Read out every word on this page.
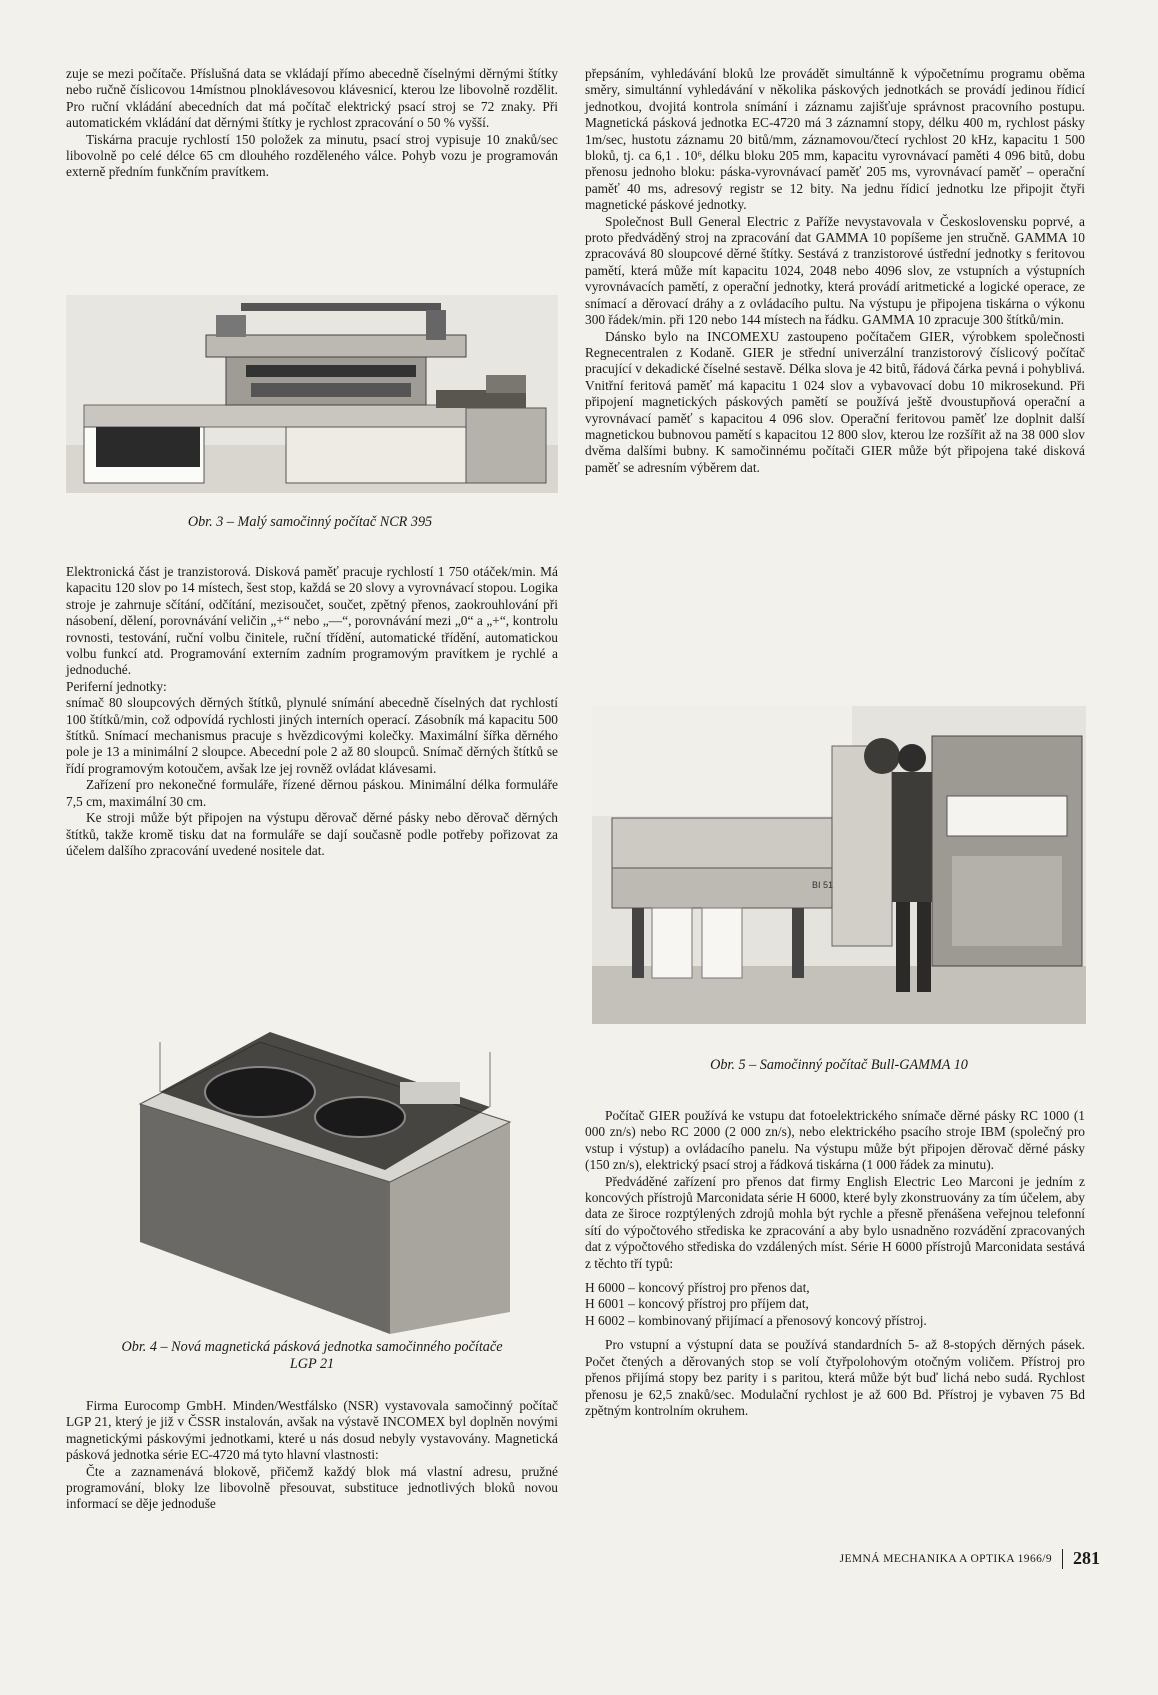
zuje se mezi počítače. Příslušná data se vkládají přímo abecedně číselnými děrnými štítky nebo ručně číslicovou 14místnou plnoklávesovou klávesnicí, kterou lze libovolně rozdělit. Pro ruční vkládání abecedních dat má počítač elektrický psací stroj se 72 znaky. Při automatickém vkládání dat děrnými štítky je rychlost zpracování o 50 % vyšší.

Tiskárna pracuje rychlostí 150 položek za minutu, psací stroj vypisuje 10 znaků/sec libovolně po celé délce 65 cm dlouhého rozděleného válce. Pohyb vozu je programován externě předním funkčním pravítkem.

Obr. 3 – Malý samočinný počítač NCR 395

Elektronická část je tranzistorová. Disková paměť pracuje rychlostí 1 750 otáček/min. Má kapacitu 120 slov po 14 místech, šest stop, každá se 20 slovy a vyrovnávací stopou. Logika stroje je zahrnuje sčítání, odčítání, mezisoučet, součet, zpětný přenos, zaokrouhlování při násobení, dělení, porovnávání veličin „+“ nebo „—“, porovnávání mezi „0“ a „+“, kontrolu rovnosti, testování, ruční volbu činitele, ruční třídění, automatické třídění, automatickou volbu funkcí atd. Programování externím zadním programovým pravítkem je rychlé a jednoduché.

Periferní jednotky:

snímač 80 sloupcových děrných štítků, plynulé snímání abecedně číselných dat rychlostí 100 štítků/min, což odpovídá rychlosti jiných interních operací. Zásobník má kapacitu 500 štítků. Snímací mechanismus pracuje s hvězdicovými kolečky. Maximální šířka děrného pole je 13 a minimální 2 sloupce. Abecední pole 2 až 80 sloupců. Snímač děrných štítků se řídí programovým kotoučem, avšak lze jej rovněž ovládat klávesami.

Zařízení pro nekonečné formuláře, řízené děrnou páskou. Minimální délka formuláře 7,5 cm, maximální 30 cm.

Ke stroji může být připojen na výstupu děrovač děrné pásky nebo děrovač děrných štítků, takže kromě tisku dat na formuláře se dají současně podle potřeby pořizovat za účelem dalšího zpracování uvedené nositele dat.

Obr. 4 – Nová magnetická pásková jednotka samočinného počítače
LGP 21

Firma Eurocomp GmbH. Minden/Westfálsko (NSR) vystavovala samočinný počítač LGP 21, který je již v ČSSR instalován, avšak na výstavě INCOMEX byl doplněn novými magnetickými páskovými jednotkami, které u nás dosud nebyly vystavovány. Magnetická pásková jednotka série EC-4720 má tyto hlavní vlastnosti:

Čte a zaznamenává blokově, přičemž každý blok má vlastní adresu, pružné programování, bloky lze libovolně přesouvat, substituce jednotlivých bloků novou informací se děje jednoduše

přepsáním, vyhledávání bloků lze provádět simultánně k výpočetnímu programu oběma směry, simultánní vyhledávání v několika páskových jednotkách se provádí jedinou řídicí jednotkou, dvojitá kontrola snímání i záznamu zajišťuje správnost pracovního postupu. Magnetická pásková jednotka EC-4720 má 3 záznamní stopy, délku 400 m, rychlost pásky 1m/sec, hustotu záznamu 20 bitů/mm, záznamovou/čtecí rychlost 20 kHz, kapacitu 1 500 bloků, tj. ca 6,1 . 10⁶, délku bloku 205 mm, kapacitu vyrovnávací paměti 4 096 bitů, dobu přenosu jednoho bloku: páska-vyrovnávací paměť 205 ms, vyrovnávací paměť – operační paměť 40 ms, adresový registr se 12 bity. Na jednu řídicí jednotku lze připojit čtyři magnetické páskové jednotky.

Společnost Bull General Electric z Paříže nevystavovala v Československu poprvé, a proto předváděný stroj na zpracování dat GAMMA 10 popíšeme jen stručně. GAMMA 10 zpracovává 80 sloupcové děrné štítky. Sestává z tranzistorové ústřední jednotky s feritovou pamětí, která může mít kapacitu 1024, 2048 nebo 4096 slov, ze vstupních a výstupních vyrovnávacích pamětí, z operační jednotky, která provádí aritmetické a logické operace, ze snímací a děrovací dráhy a z ovládacího pultu. Na výstupu je připojena tiskárna o výkonu 300 řádek/min. při 120 nebo 144 místech na řádku. GAMMA 10 zpracuje 300 štítků/min.

Dánsko bylo na INCOMEXU zastoupeno počítačem GIER, výrobkem společnosti Regnecentralen z Kodaně. GIER je střední univerzální tranzistorový číslicový počítač pracující v dekadické číselné sestavě. Délka slova je 42 bitů, řádová čárka pevná i pohyblivá. Vnitřní feritová paměť má kapacitu 1 024 slov a vybavovací dobu 10 mikrosekund. Při připojení magnetických páskových pamětí se používá ještě dvoustupňová operační a vyrovnávací paměť s kapacitou 4 096 slov. Operační feritovou paměť lze doplnit další magnetickou bubnovou pamětí s kapacitou 12 800 slov, kterou lze rozšířit až na 38 000 slov dvěma dalšími bubny. K samočinnému počítači GIER může být připojena také disková paměť se adresním výběrem dat.

BI 51
Obr. 5 – Samočinný počítač Bull-GAMMA 10

Počítač GIER používá ke vstupu dat fotoelektrického snímače děrné pásky RC 1000 (1 000 zn/s) nebo RC 2000 (2 000 zn/s), nebo elektrického psacího stroje IBM (společný pro vstup i výstup) a ovládacího panelu. Na výstupu může být připojen děrovač děrné pásky (150 zn/s), elektrický psací stroj a řádková tiskárna (1 000 řádek za minutu).

Předváděné zařízení pro přenos dat firmy English Electric Leo Marconi je jedním z koncových přístrojů Marconidata série H 6000, které byly zkonstruovány za tím účelem, aby data ze široce rozptýlených zdrojů mohla být rychle a přesně přenášena veřejnou telefonní sítí do výpočtového střediska ke zpracování a aby bylo usnadněno rozvádění zpracovaných dat z výpočtového střediska do vzdálených míst. Série H 6000 přístrojů Marconidata sestává z těchto tří typů:

H 6000 – koncový přístroj pro přenos dat,
H 6001 – koncový přístroj pro příjem dat,
H 6002 – kombinovaný přijímací a přenosový koncový přístroj.

Pro vstupní a výstupní data se používá standardních 5- až 8-stopých děrných pásek. Počet čtených a děrovaných stop se volí čtyřpolohovým otočným voličem. Přístroj pro přenos přijímá stopy bez parity i s paritou, která může být buď lichá nebo sudá. Rychlost přenosu je 62,5 znaků/sec. Modulační rychlost je až 600 Bd. Přístroj je vybaven 75 Bd zpětným kontrolním okruhem.

JEMNÁ MECHANIKA A OPTIKA 1966/9 281
